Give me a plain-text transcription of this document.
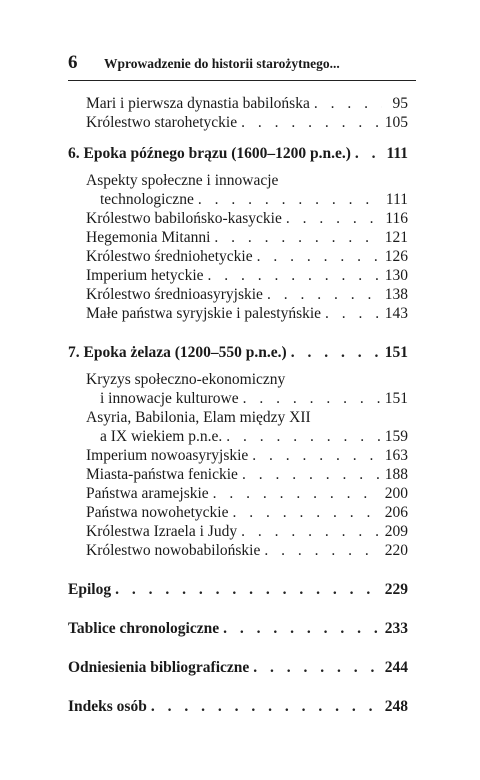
6	Wprowadzenie do historii starożytnego...
Mari i pierwsza dynastia babilońska . . .	95
Królestwo starohetyckie . . .	105
6. Epoka późnego brązu (1600–1200 p.n.e.) . . . 111
Aspekty społeczne i innowacje
technologiczne . . .	111
Królestwo babilońsko-kasyckie . . .	116
Hegemonia Mitanni . . .	121
Królestwo średniohetyckie . . .	126
Imperium hetyckie . . .	130
Królestwo średnioasyryjskie . . .	138
Małe państwa syryjskie i palestyńskie . . .	143
7. Epoka żelaza (1200–550 p.n.e.) . . .	151
Kryzys społeczno-ekonomiczny
i innowacje kulturowe . . .	151
Asyria, Babilonia, Elam między XII
a IX wiekiem p.n.e. . . .	159
Imperium nowoasyryjskie . . .	163
Miasta-państwa fenickie . . .	188
Państwa aramejskie . . .	200
Państwa nowohetyckie . . .	206
Królestwa Izraela i Judy . . .	209
Królestwo nowobabilońskie . . .	220
Epilog . . .	229
Tablice chronologiczne . . .	233
Odniesienia bibliograficzne . . .	244
Indeks osób . . .	248
